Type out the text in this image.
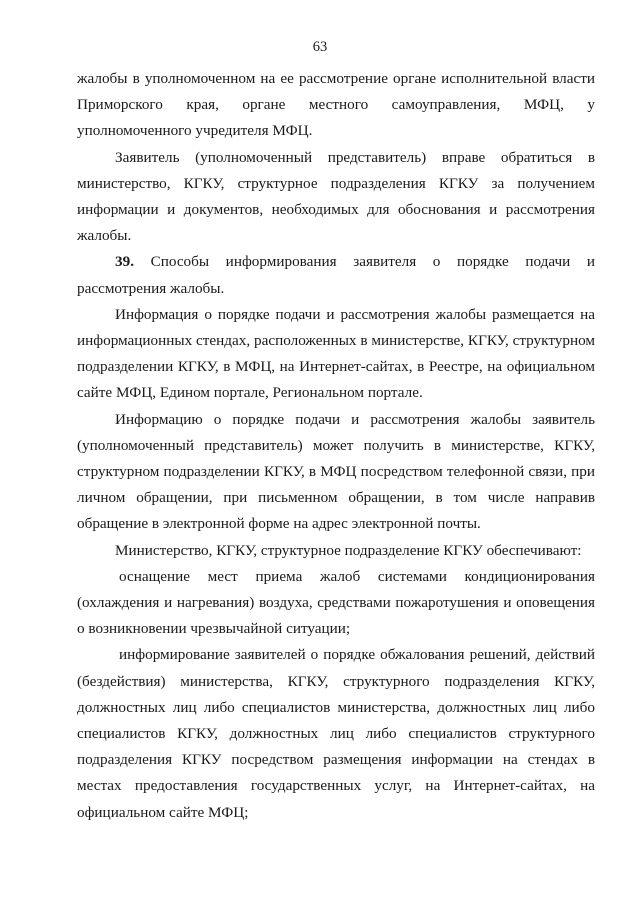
63

жалобы в уполномоченном на ее рассмотрение органе исполнительной власти Приморского края, органе местного самоуправления, МФЦ, у уполномоченного учредителя МФЦ.

Заявитель (уполномоченный представитель) вправе обратиться в министерство, КГКУ, структурное подразделения КГКУ за получением информации и документов, необходимых для обоснования и рассмотрения жалобы.

39. Способы информирования заявителя о порядке подачи и рассмотрения жалобы.

Информация о порядке подачи и рассмотрения жалобы размещается на информационных стендах, расположенных в министерстве, КГКУ, структурном подразделении КГКУ, в МФЦ, на Интернет-сайтах, в Реестре, на официальном сайте МФЦ, Едином портале, Региональном портале.

Информацию о порядке подачи и рассмотрения жалобы заявитель (уполномоченный представитель) может получить в министерстве, КГКУ, структурном подразделении КГКУ, в МФЦ посредством телефонной связи, при личном обращении, при письменном обращении, в том числе направив обращение в электронной форме на адрес электронной почты.

Министерство, КГКУ, структурное подразделение КГКУ обеспечивают:

оснащение мест приема жалоб системами кондиционирования (охлаждения и нагревания) воздуха, средствами пожаротушения и оповещения о возникновении чрезвычайной ситуации;

информирование заявителей о порядке обжалования решений, действий (бездействия) министерства, КГКУ, структурного подразделения КГКУ, должностных лиц либо специалистов министерства, должностных лиц либо специалистов КГКУ, должностных лиц либо специалистов структурного подразделения КГКУ посредством размещения информации на стендах в местах предоставления государственных услуг, на Интернет-сайтах, на официальном сайте МФЦ;
